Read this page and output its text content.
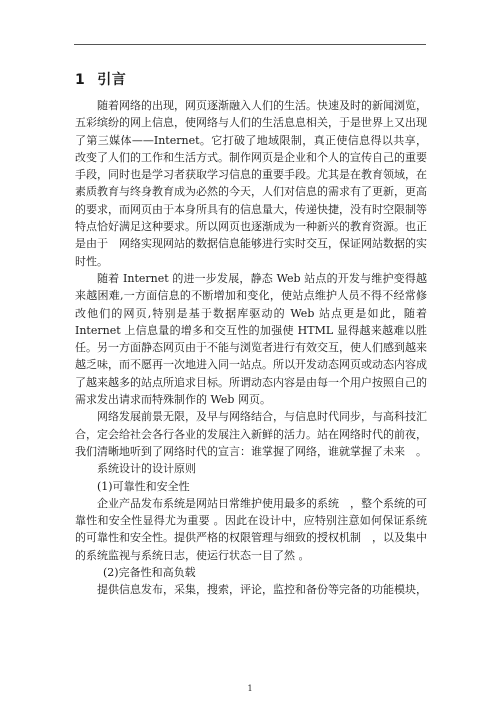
1 引言

随着网络的出现，网页逐渐融入人们的生活。快速及时的新闻浏览，五彩缤纷的网上信息，使网络与人们的生活息息相关，于是世界上又出现了第三媒体——Internet。它打破了地域限制，真正使信息得以共享，改变了人们的工作和生活方式。制作网页是企业和个人的宣传自己的重要手段，同时也是学习者获取学习信息的重要手段。尤其是在教育领域，在素质教育与终身教育成为必然的今天，人们对信息的需求有了更新，更高的要求，而网页由于本身所具有的信息量大，传递快捷，没有时空限制等特点恰好满足这种要求。所以网页也逐渐成为一种新兴的教育资源。也正是由于　网络实现网站的数据信息能够进行实时交互，保证网站数据的实时性。

随着 Internet 的进一步发展，静态 Web 站点的开发与维护变得越来越困难,一方面信息的不断增加和变化，使站点维护人员不得不经常修改他们的网页,特别是基于数据库驱动的 Web 站点更是如此，随着 Internet 上信息量的增多和交互性的加强使 HTML 显得越来越难以胜任。另一方面静态网页由于不能与浏览者进行有效交互，使人们感到越来越乏味，而不愿再一次地进入同一站点。所以开发动态网页或动态内容成了越来越多的站点所追求目标。所谓动态内容是由每一个用户按照自己的需求发出请求而特殊制作的 Web 网页。

网络发展前景无限，及早与网络结合，与信息时代同步，与高科技汇合，定会给社会各行各业的发展注入新鲜的活力。站在网络时代的前夜，我们清晰地听到了网络时代的宣言：谁掌握了网络，谁就掌握了未来　。

系统设计的设计原则

(1)可靠性和安全性

企业产品发布系统是网站日常维护使用最多的系统　，整个系统的可靠性和安全性显得尤为重要 。因此在设计中，应特别注意如何保证系统的可靠性和安全性。提供严格的权限管理与细致的授权机制　，以及集中的系统监视与系统日志，使运行状态一目了然 。

(2)完备性和高负载

提供信息发布，采集，搜索，评论，监控和备份等完备的功能模块，

1
